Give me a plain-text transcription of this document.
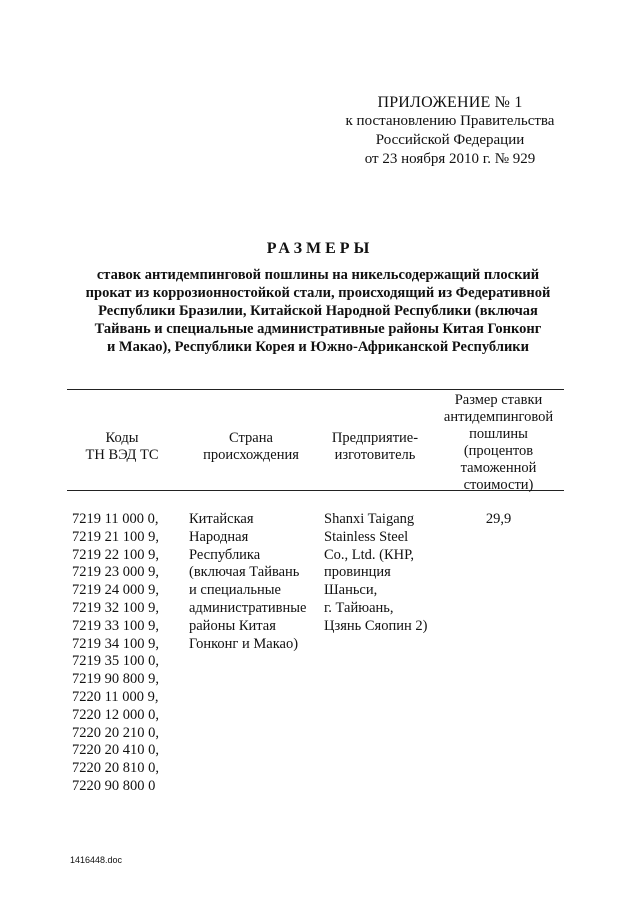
ПРИЛОЖЕНИЕ № 1
к постановлению Правительства
Российской Федерации
от 23 ноября 2010 г. № 929
РАЗМЕРЫ
ставок антидемпинговой пошлины на никельсодержащий плоский
прокат из коррозионностойкой стали, происходящий из Федеративной
Республики Бразилии, Китайской Народной Республики (включая
Тайвань и специальные административные районы Китая Гонконг
и Макао), Республики Корея и Южно-Африканской Республики
Коды
ТН ВЭД ТС
Страна
происхождения
Предприятие-
изготовитель
Размер ставки
антидемпинговой
пошлины
(процентов
таможенной
стоимости)
7219 11 000 0,
7219 21 100 9,
7219 22 100 9,
7219 23 000 9,
7219 24 000 9,
7219 32 100 9,
7219 33 100 9,
7219 34 100 9,
7219 35 100 0,
7219 90 800 9,
7220 11 000 9,
7220 12 000 0,
7220 20 210 0,
7220 20 410 0,
7220 20 810 0,
7220 90 800 0
Китайская
Народная
Республика
(включая Тайвань
и специальные
административные
районы Китая
Гонконг и Макао)
Shanxi Taigang
Stainless Steel
Co., Ltd. (КНР,
провинция
Шаньси,
г. Тайюань,
Цзянь Сяопин 2)
29,9
1416448.doc
